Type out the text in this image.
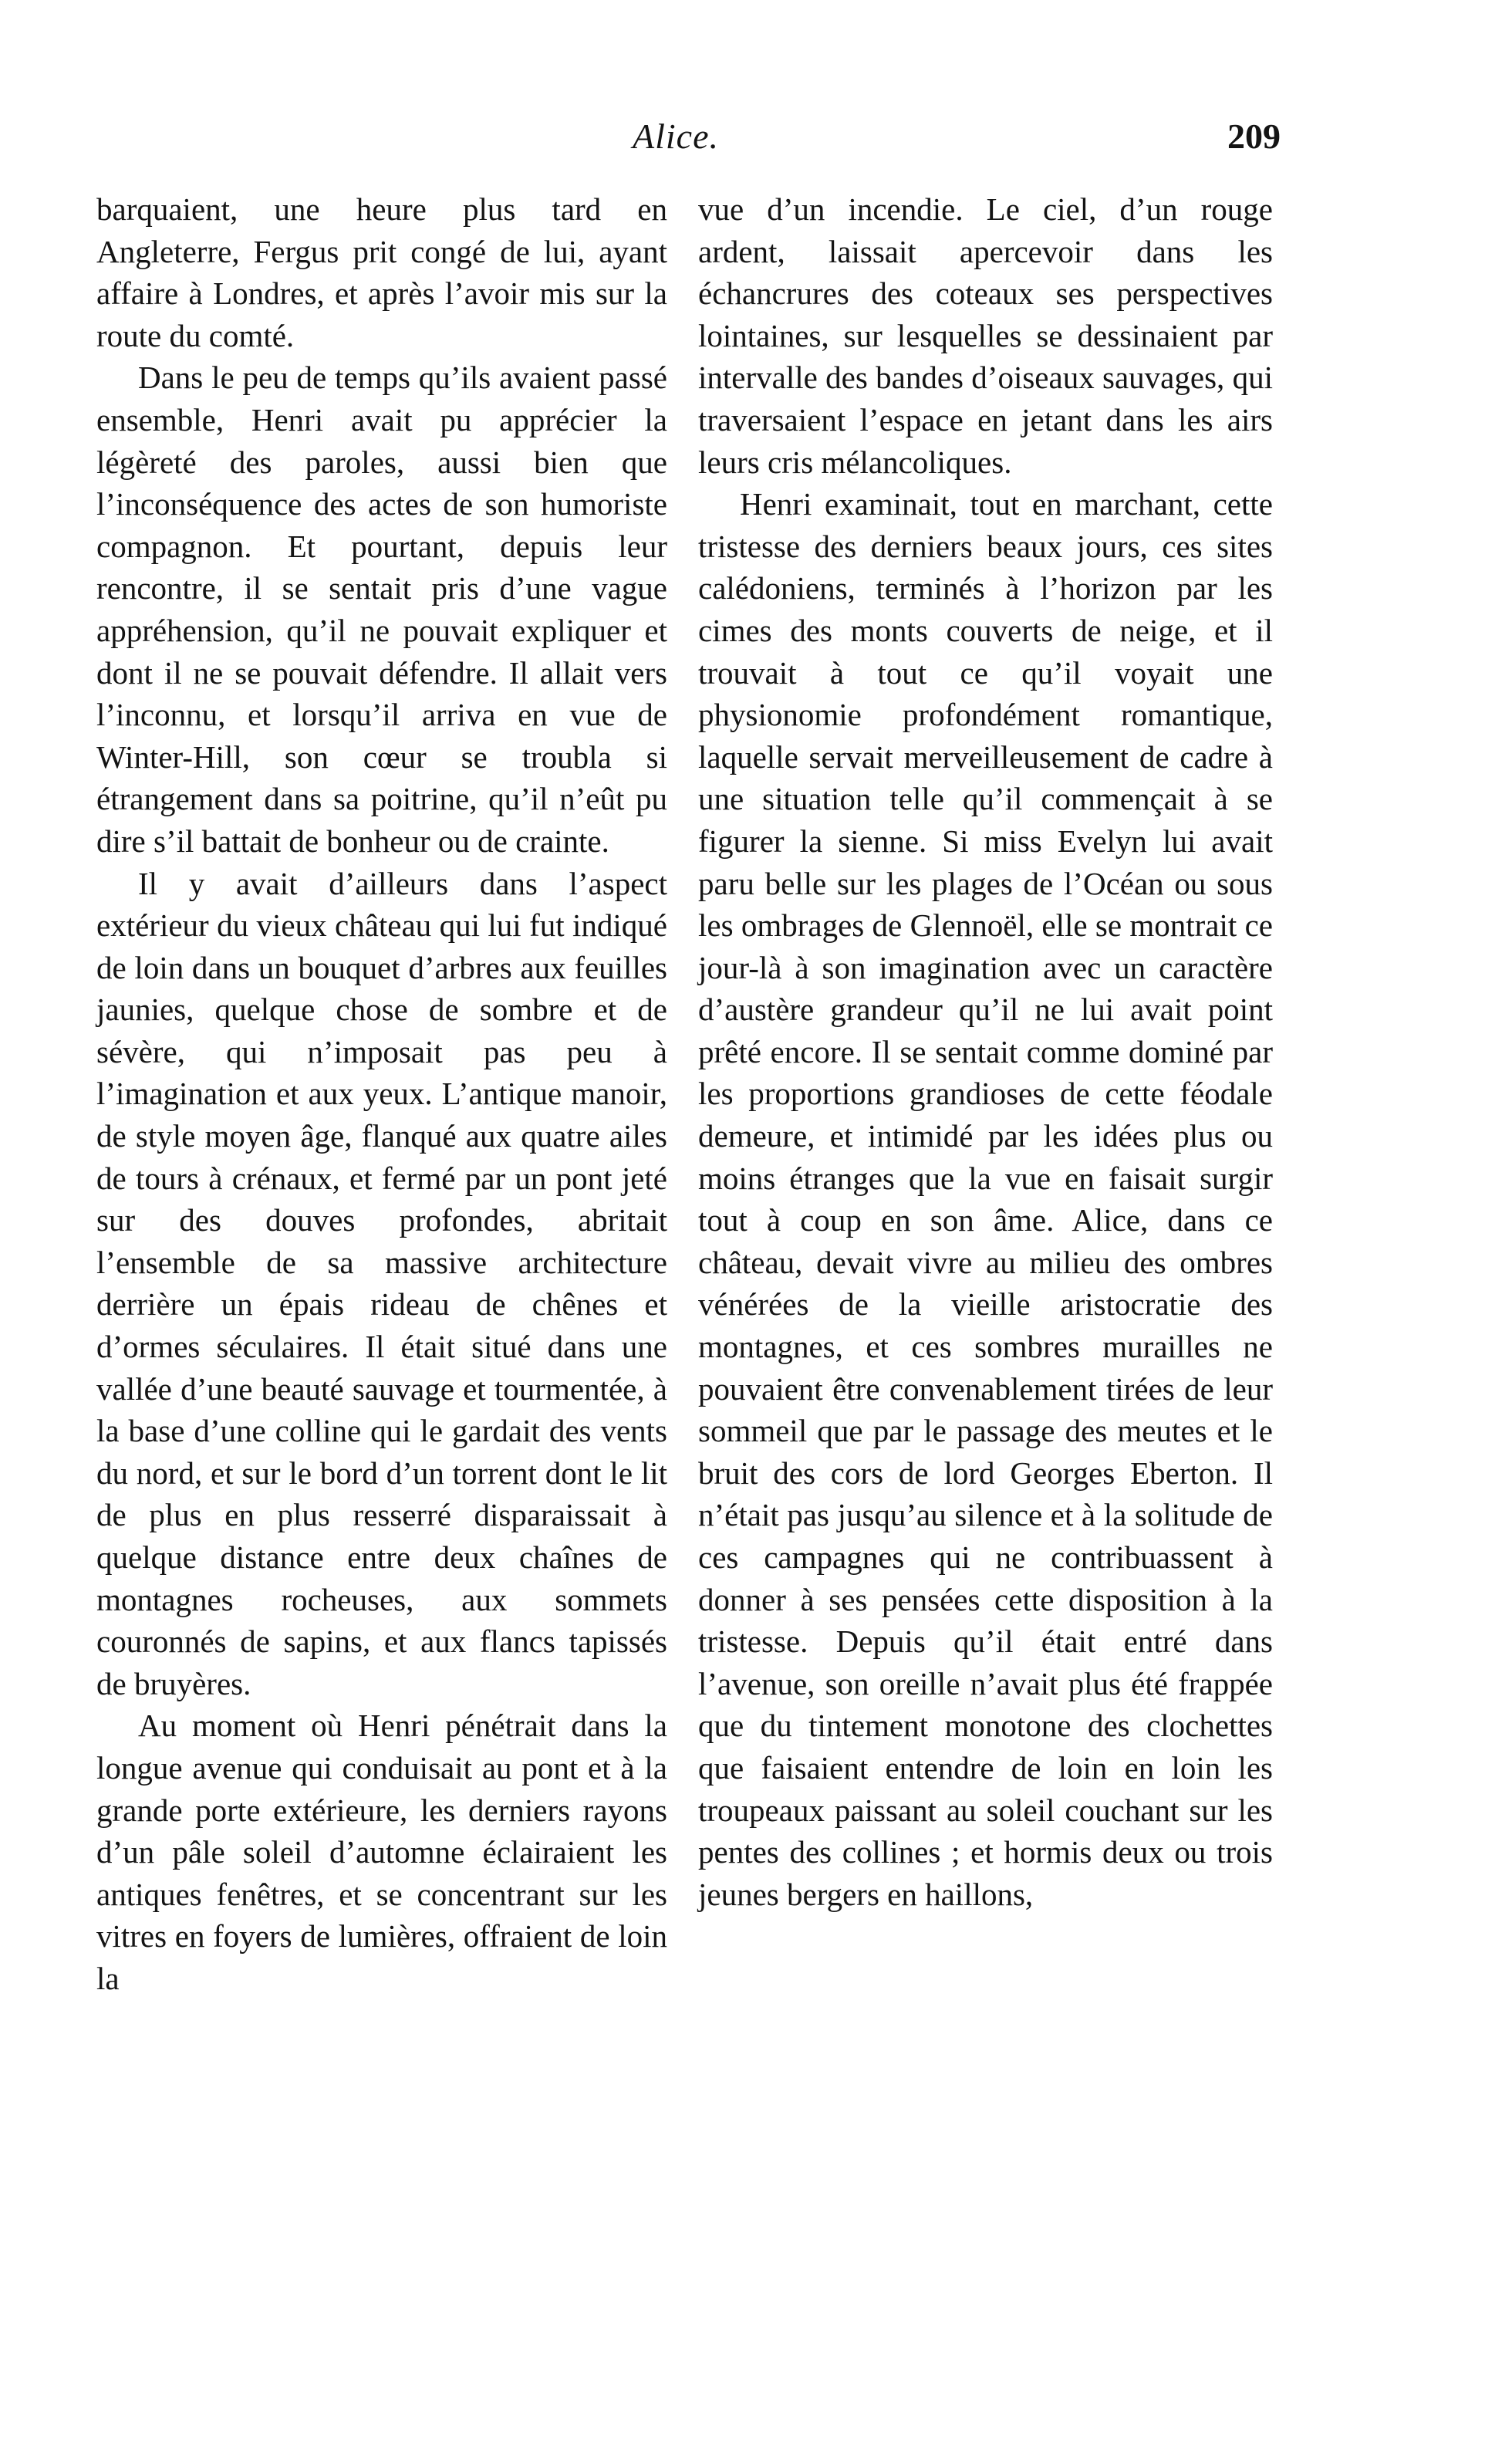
Alice.	209

barquaient, une heure plus tard en Angleterre, Fergus prit congé de lui, ayant affaire à Londres, et après l’avoir mis sur la route du comté.

Dans le peu de temps qu’ils avaient passé ensemble, Henri avait pu apprécier la légèreté des paroles, aussi bien que l’inconséquence des actes de son humoriste compagnon. Et pourtant, depuis leur rencontre, il se sentait pris d’une vague appréhension, qu’il ne pouvait expliquer et dont il ne se pouvait défendre. Il allait vers l’inconnu, et lorsqu’il arriva en vue de Winter-Hill, son cœur se troubla si étrangement dans sa poitrine, qu’il n’eût pu dire s’il battait de bonheur ou de crainte.

Il y avait d’ailleurs dans l’aspect extérieur du vieux château qui lui fut indiqué de loin dans un bouquet d’arbres aux feuilles jaunies, quelque chose de sombre et de sévère, qui n’imposait pas peu à l’imagination et aux yeux. L’antique manoir, de style moyen âge, flanqué aux quatre ailes de tours à crénaux, et fermé par un pont jeté sur des douves profondes, abritait l’ensemble de sa massive architecture derrière un épais rideau de chênes et d’ormes séculaires. Il était situé dans une vallée d’une beauté sauvage et tourmentée, à la base d’une colline qui le gardait des vents du nord, et sur le bord d’un torrent dont le lit de plus en plus resserré disparaissait à quelque distance entre deux chaînes de montagnes rocheuses, aux sommets couronnés de sapins, et aux flancs tapissés de bruyères.

Au moment où Henri pénétrait dans la longue avenue qui conduisait au pont et à la grande porte extérieure, les derniers rayons d’un pâle soleil d’automne éclairaient les antiques fenêtres, et se concentrant sur les vitres en foyers de lumières, offraient de loin la

vue d’un incendie. Le ciel, d’un rouge ardent, laissait apercevoir dans les échancrures des coteaux ses perspectives lointaines, sur lesquelles se dessinaient par intervalle des bandes d’oiseaux sauvages, qui traversaient l’espace en jetant dans les airs leurs cris mélancoliques.

Henri examinait, tout en marchant, cette tristesse des derniers beaux jours, ces sites calédoniens, terminés à l’horizon par les cimes des monts couverts de neige, et il trouvait à tout ce qu’il voyait une physionomie profondément romantique, laquelle servait merveilleusement de cadre à une situation telle qu’il commençait à se figurer la sienne. Si miss Evelyn lui avait paru belle sur les plages de l’Océan ou sous les ombrages de Glennoël, elle se montrait ce jour-là à son imagination avec un caractère d’austère grandeur qu’il ne lui avait point prêté encore. Il se sentait comme dominé par les proportions grandioses de cette féodale demeure, et intimidé par les idées plus ou moins étranges que la vue en faisait surgir tout à coup en son âme. Alice, dans ce château, devait vivre au milieu des ombres vénérées de la vieille aristocratie des montagnes, et ces sombres murailles ne pouvaient être convenablement tirées de leur sommeil que par le passage des meutes et le bruit des cors de lord Georges Eberton. Il n’était pas jusqu’au silence et à la solitude de ces campagnes qui ne contribuassent à donner à ses pensées cette disposition à la tristesse. Depuis qu’il était entré dans l’avenue, son oreille n’avait plus été frappée que du tintement monotone des clochettes que faisaient entendre de loin en loin les troupeaux paissant au soleil couchant sur les pentes des collines ; et hormis deux ou trois jeunes bergers en haillons,
